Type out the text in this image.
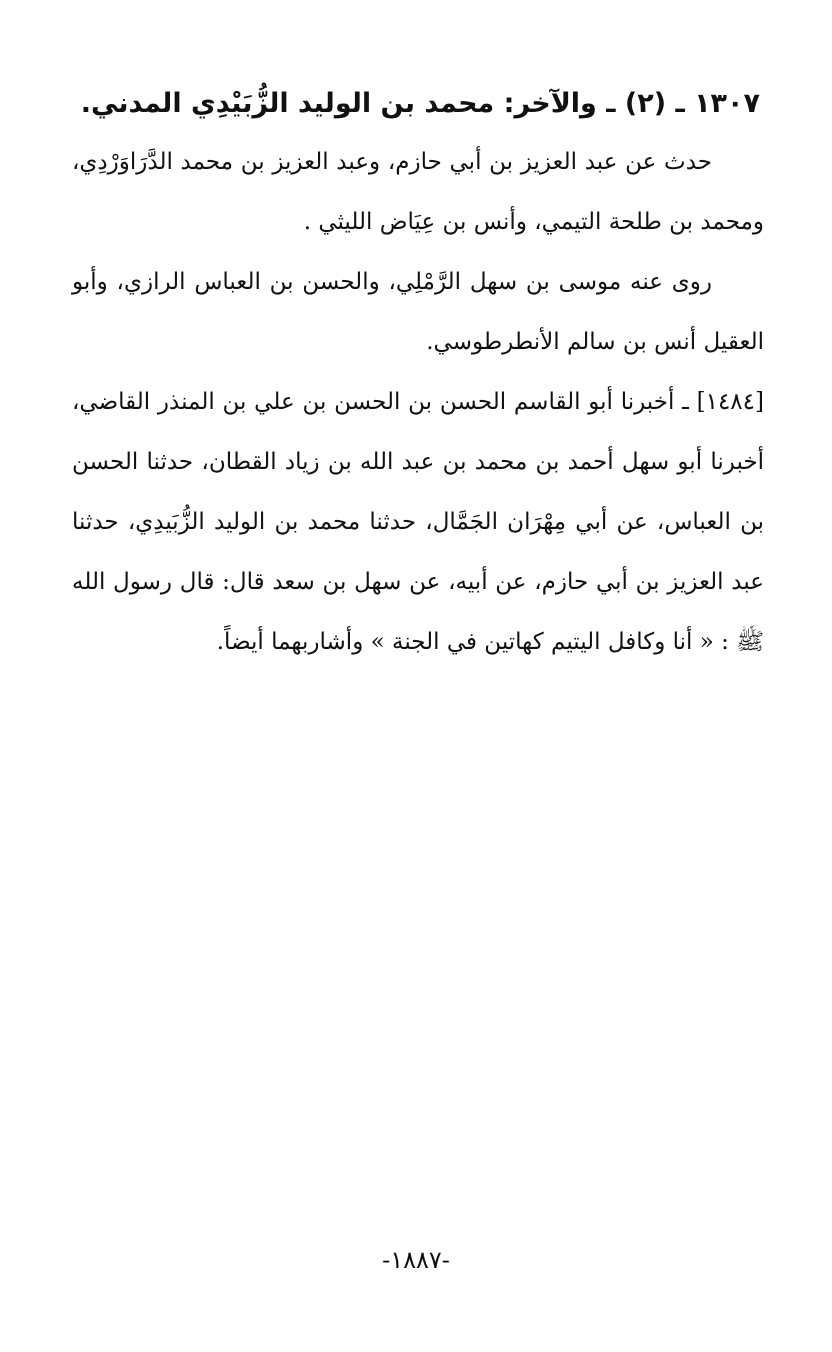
١٣٠٧ ـ (٢) ـ والآخر: محمد بن الوليد الزُّبَيْدِي المدني.

حدث عن عبد العزيز بن أبي حازم، وعبد العزيز بن محمد الدَّرَاوَرْدِي، ومحمد بن طلحة التيمي، وأنس بن عِيَاض الليثي .

روى عنه موسى بن سهل الرَّمْلِي، والحسن بن العباس الرازي، وأبو العقيل أنس بن سالم الأنطرطوسي.

[١٤٨٤] ـ أخبرنا أبو القاسم الحسن بن الحسن بن علي بن المنذر القاضي، أخبرنا أبو سهل أحمد بن محمد بن عبد الله بن زياد القطان، حدثنا الحسن بن العباس، عن أبي مِهْرَان الجَمَّال، حدثنا محمد بن الوليد الزُّبَيدِي، حدثنا عبد العزيز بن أبي حازم، عن أبيه، عن سهل بن سعد قال: قال رسول الله ﷺ : « أنا وكافل اليتيم كهاتين في الجنة » وأشاربهما أيضاً.

-١٨٨٧-
